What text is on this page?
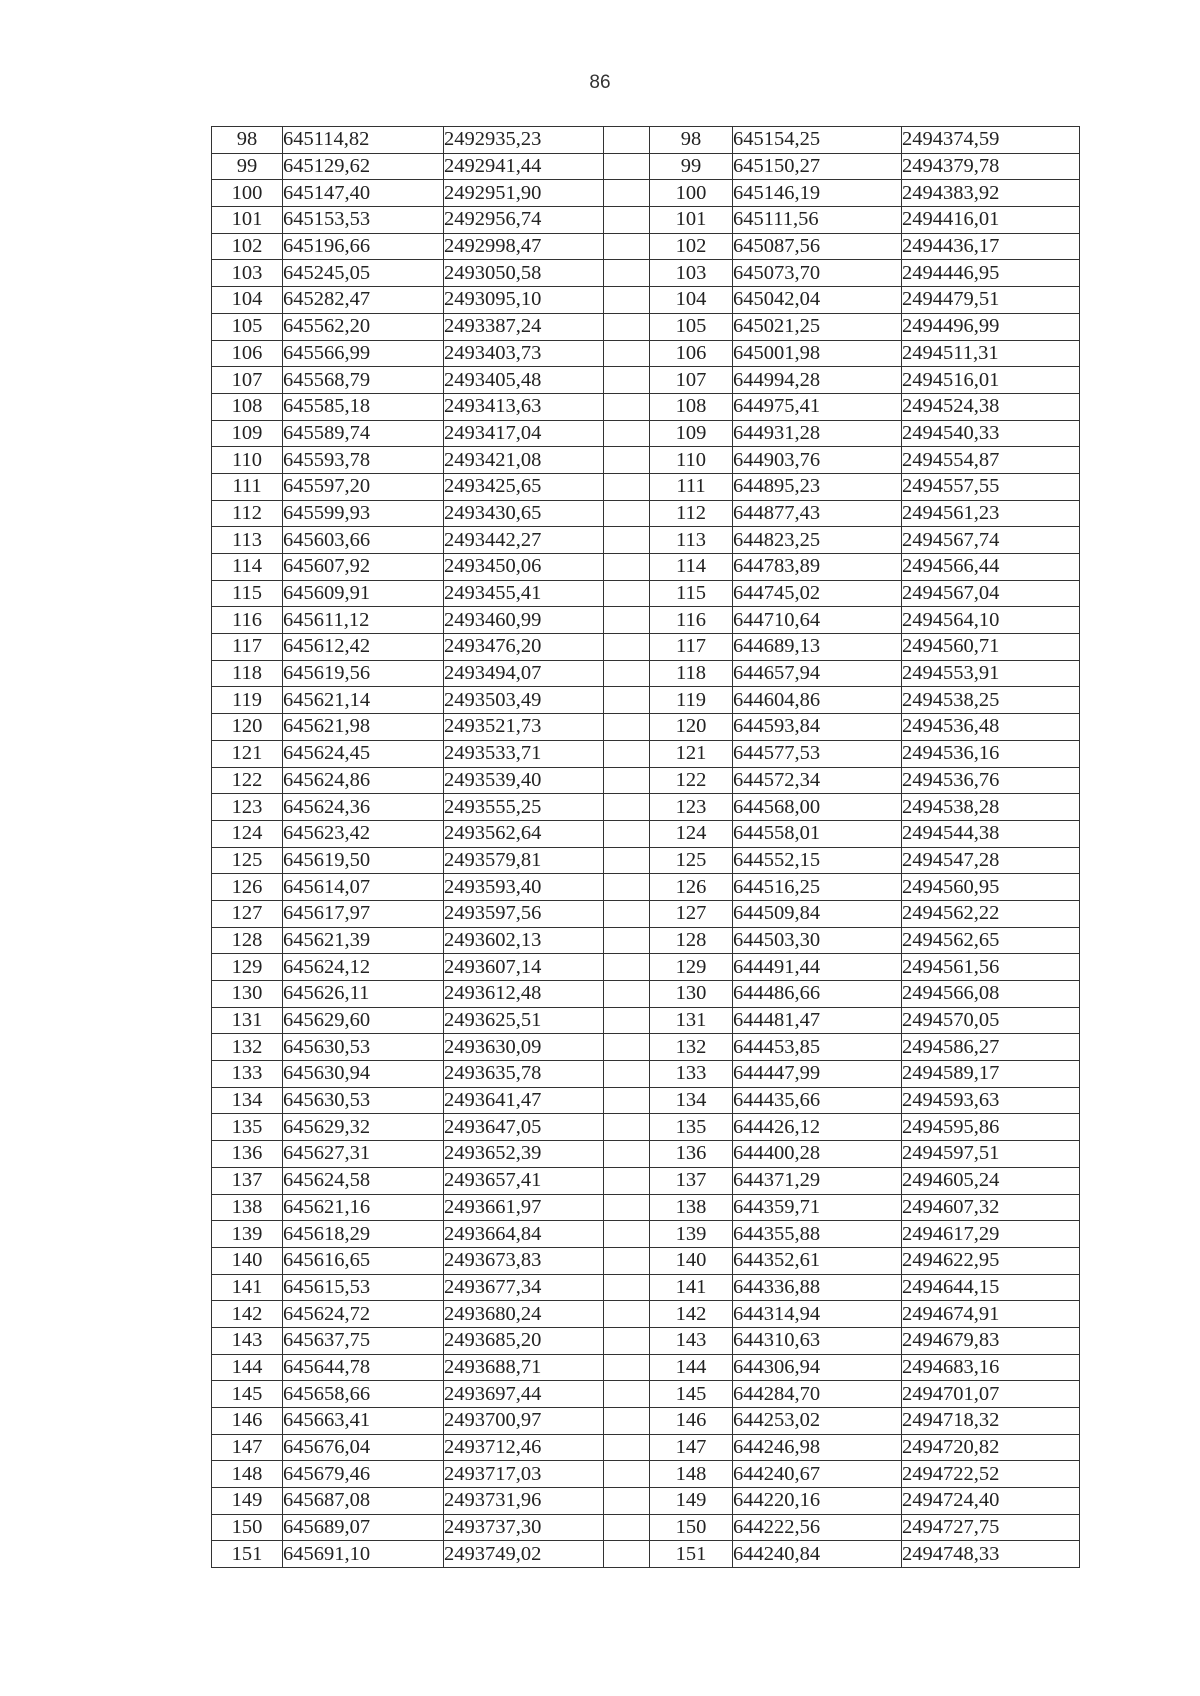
86
98	645114,82	2492935,23		98	645154,25	2494374,59
99	645129,62	2492941,44		99	645150,27	2494379,78
100	645147,40	2492951,90		100	645146,19	2494383,92
101	645153,53	2492956,74		101	645111,56	2494416,01
102	645196,66	2492998,47		102	645087,56	2494436,17
103	645245,05	2493050,58		103	645073,70	2494446,95
104	645282,47	2493095,10		104	645042,04	2494479,51
105	645562,20	2493387,24		105	645021,25	2494496,99
106	645566,99	2493403,73		106	645001,98	2494511,31
107	645568,79	2493405,48		107	644994,28	2494516,01
108	645585,18	2493413,63		108	644975,41	2494524,38
109	645589,74	2493417,04		109	644931,28	2494540,33
110	645593,78	2493421,08		110	644903,76	2494554,87
111	645597,20	2493425,65		111	644895,23	2494557,55
112	645599,93	2493430,65		112	644877,43	2494561,23
113	645603,66	2493442,27		113	644823,25	2494567,74
114	645607,92	2493450,06		114	644783,89	2494566,44
115	645609,91	2493455,41		115	644745,02	2494567,04
116	645611,12	2493460,99		116	644710,64	2494564,10
117	645612,42	2493476,20		117	644689,13	2494560,71
118	645619,56	2493494,07		118	644657,94	2494553,91
119	645621,14	2493503,49		119	644604,86	2494538,25
120	645621,98	2493521,73		120	644593,84	2494536,48
121	645624,45	2493533,71		121	644577,53	2494536,16
122	645624,86	2493539,40		122	644572,34	2494536,76
123	645624,36	2493555,25		123	644568,00	2494538,28
124	645623,42	2493562,64		124	644558,01	2494544,38
125	645619,50	2493579,81		125	644552,15	2494547,28
126	645614,07	2493593,40		126	644516,25	2494560,95
127	645617,97	2493597,56		127	644509,84	2494562,22
128	645621,39	2493602,13		128	644503,30	2494562,65
129	645624,12	2493607,14		129	644491,44	2494561,56
130	645626,11	2493612,48		130	644486,66	2494566,08
131	645629,60	2493625,51		131	644481,47	2494570,05
132	645630,53	2493630,09		132	644453,85	2494586,27
133	645630,94	2493635,78		133	644447,99	2494589,17
134	645630,53	2493641,47		134	644435,66	2494593,63
135	645629,32	2493647,05		135	644426,12	2494595,86
136	645627,31	2493652,39		136	644400,28	2494597,51
137	645624,58	2493657,41		137	644371,29	2494605,24
138	645621,16	2493661,97		138	644359,71	2494607,32
139	645618,29	2493664,84		139	644355,88	2494617,29
140	645616,65	2493673,83		140	644352,61	2494622,95
141	645615,53	2493677,34		141	644336,88	2494644,15
142	645624,72	2493680,24		142	644314,94	2494674,91
143	645637,75	2493685,20		143	644310,63	2494679,83
144	645644,78	2493688,71		144	644306,94	2494683,16
145	645658,66	2493697,44		145	644284,70	2494701,07
146	645663,41	2493700,97		146	644253,02	2494718,32
147	645676,04	2493712,46		147	644246,98	2494720,82
148	645679,46	2493717,03		148	644240,67	2494722,52
149	645687,08	2493731,96		149	644220,16	2494724,40
150	645689,07	2493737,30		150	644222,56	2494727,75
151	645691,10	2493749,02		151	644240,84	2494748,33
